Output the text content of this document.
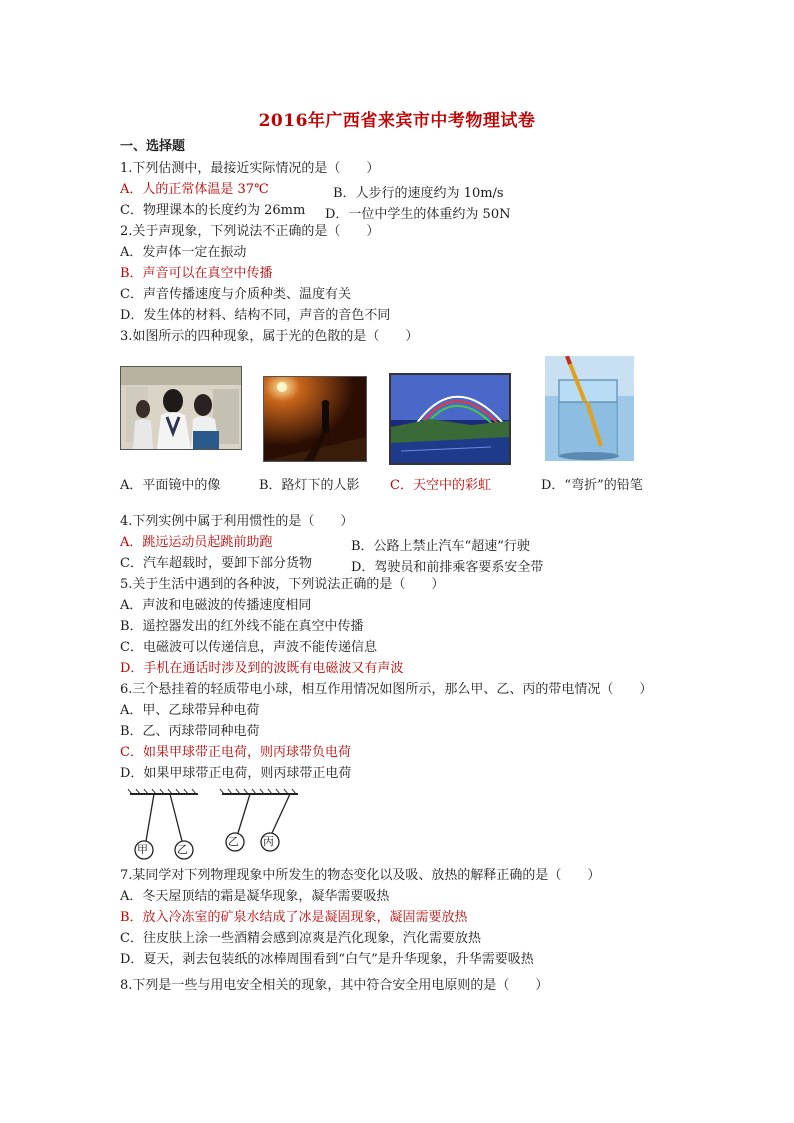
2016年广西省来宾市中考物理试卷
一、选择题
1.下列估测中，最接近实际情况的是（　　）
A．人的正常体温是 37℃	B．人步行的速度约为 10m/s
C．物理课本的长度约为 26mm D．一位中学生的体重约为 50N
2.关于声现象，下列说法不正确的是（　　）
A．发声体一定在振动
B．声音可以在真空中传播
C．声音传播速度与介质种类、温度有关
D．发生体的材料、结构不同，声音的音色不同
3.如图所示的四种现象，属于光的色散的是（　　）
A．平面镜中的像	B．路灯下的人影 C．天空中的彩虹	D．“弯折”的铅笔
4.下列实例中属于利用惯性的是（　　）
A．跳远运动员起跳前助跑	B．公路上禁止汽车“超速”行驶
C．汽车超载时，要卸下部分货物	D．驾驶员和前排乘客要系安全带
5.关于生活中遇到的各种波，下列说法正确的是（　　）
A．声波和电磁波的传播速度相同
B．遥控器发出的红外线不能在真空中传播
C．电磁波可以传递信息，声波不能传递信息
D．手机在通话时涉及到的波既有电磁波又有声波
6.三个悬挂着的轻质带电小球，相互作用情况如图所示，那么甲、乙、丙的带电情况（　　）
A．甲、乙球带异种电荷
B．乙、丙球带同种电荷
C．如果甲球带正电荷，则丙球带负电荷
D．如果甲球带正电荷，则丙球带正电荷
甲	乙
乙 丙
7.某同学对下列物理现象中所发生的物态变化以及吸、放热的解释正确的是（　　）
A．冬天屋顶结的霜是凝华现象，凝华需要吸热
B．放入冷冻室的矿泉水结成了冰是凝固现象，凝固需要放热
C．往皮肤上涂一些酒精会感到凉爽是汽化现象，汽化需要放热
D．夏天，剥去包装纸的冰棒周围看到“白气”是升华现象，升华需要吸热
8.下列是一些与用电安全相关的现象，其中符合安全用电原则的是（　　）
